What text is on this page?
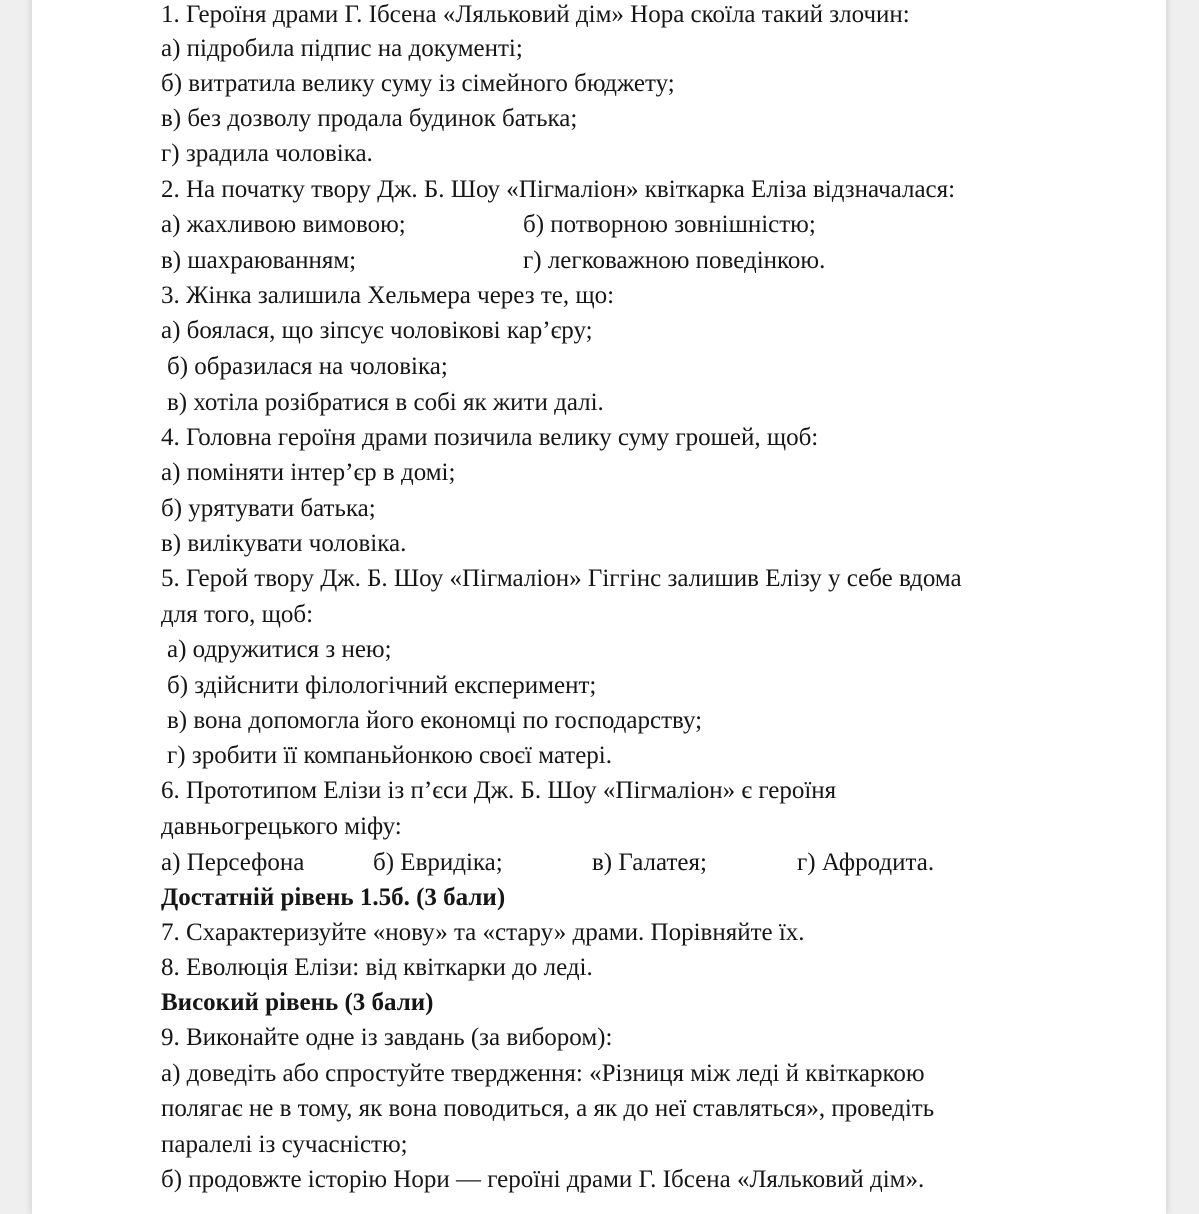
1. Героїня драми Г. Ібсена «Ляльковий дім» Нора скоїла такий злочин:
а) підробила підпис на документі;
б) витратила велику суму із сімейного бюджету;
в) без дозволу продала будинок батька;
г) зрадила чоловіка.
2. На початку твору Дж. Б. Шоу «Пігмаліон» квіткарка Еліза відзначалася:
а) жахливою вимовою;	б) потворною зовнішністю;
в) шахраюванням;	г) легковажною поведінкою.
3. Жінка залишила Хельмера через те, що:
а) боялася, що зіпсує чоловікові кар’єру;
б) образилася на чоловіка;
в) хотіла розібратися в собі як жити далі.
4. Головна героїня драми позичила велику суму грошей, щоб:
а) поміняти інтер’єр в домі;
б) урятувати батька;
в) вилікувати чоловіка.
5. Герой твору Дж. Б. Шоу «Пігмаліон» Гіггінс залишив Елізу у себе вдома
для того, щоб:
а) одружитися з нею;
б) здійснити філологічний експеримент;
в) вона допомогла його економці по господарству;
г) зробити її компаньйонкою своєї матері.
6. Прототипом Елізи із п’єси Дж. Б. Шоу «Пігмаліон» є героїня
давньогрецького міфу:
а) Персефона	б) Евридіка;	в) Галатея;	г) Афродита.
Достатній рівень 1.5б. (3 бали)
7. Схарактеризуйте «нову» та «стару» драми. Порівняйте їх.
8. Еволюція Елізи: від квіткарки до леді.
Високий рівень (3 бали)
9. Виконайте одне із завдань (за вибором):
а) доведіть або спростуйте твердження: «Різниця між леді й квіткаркою
полягає не в тому, як вона поводиться, а як до неї ставляться», проведіть
паралелі із сучасністю;
б) продовжте історію Нори — героїні драми Г. Ібсена «Ляльковий дім».
